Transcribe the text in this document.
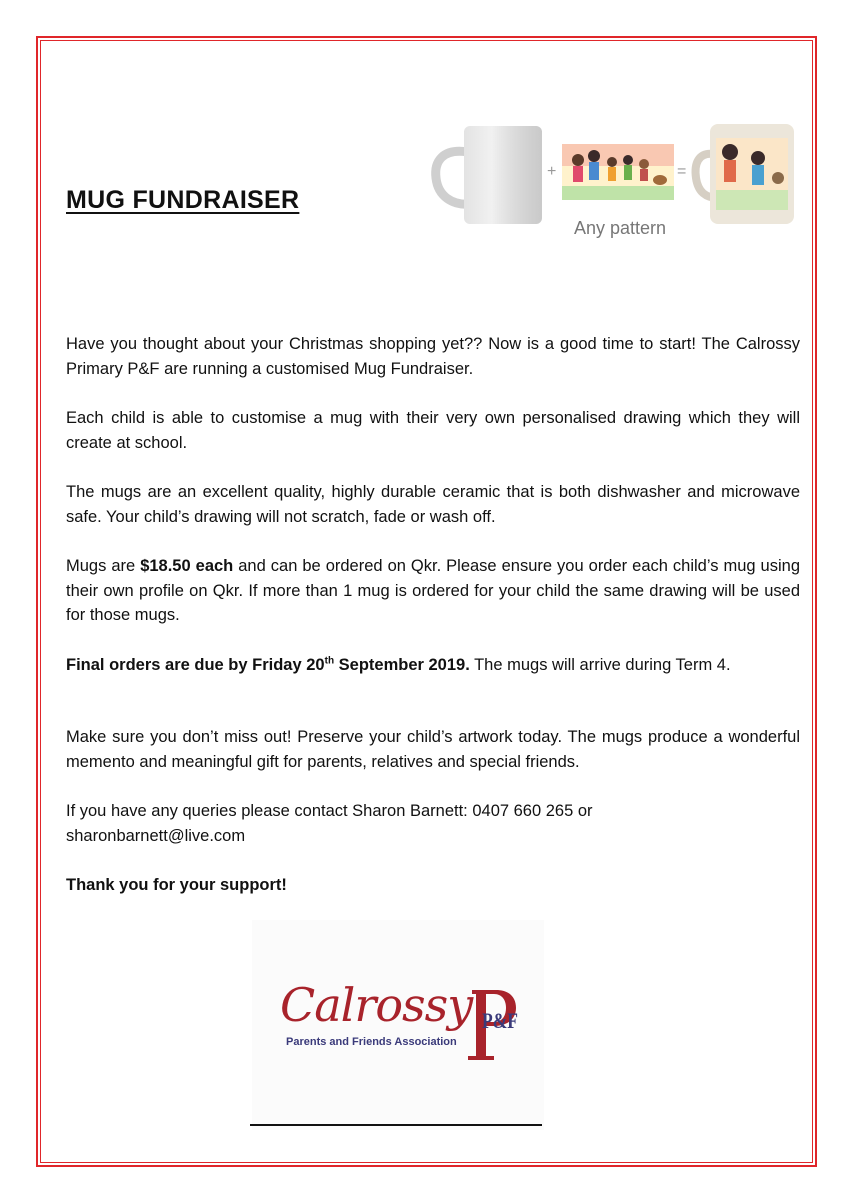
MUG FUNDRAISER
+	=
Any pattern

Have you thought about your Christmas shopping yet?? Now is a good time to start! The Calrossy Primary P&F are running a customised Mug Fundraiser.

Each child is able to customise a mug with their very own personalised drawing which they will create at school.

The mugs are an excellent quality, highly durable ceramic that is both dishwasher and microwave safe. Your child’s drawing will not scratch, fade or wash off.

Mugs are $18.50 each and can be ordered on Qkr. Please ensure you order each child’s mug using their own profile on Qkr. If more than 1 mug is ordered for your child the same drawing will be used for those mugs.

Final orders are due by Friday 20th September 2019. The mugs will arrive during Term 4.

Make sure you don’t miss out! Preserve your child’s artwork today. The mugs produce a wonderful memento and meaningful gift for parents, relatives and special friends.

If you have any queries please contact Sharon Barnett: 0407 660 265 or
sharonbarnett@live.com

Thank you for your support!

Calrossy P&F
Parents and Friends Association
